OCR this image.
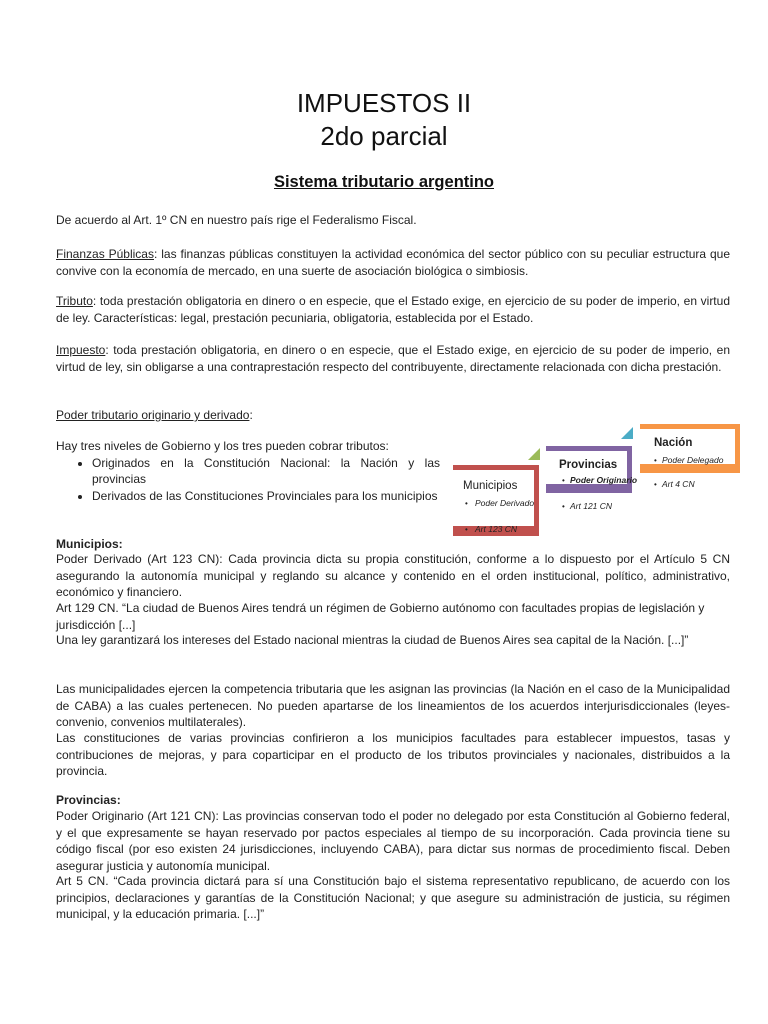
IMPUESTOS II
2do parcial
Sistema tributario argentino

De acuerdo al Art. 1º CN en nuestro país rige el Federalismo Fiscal.

Finanzas Públicas: las finanzas públicas constituyen la actividad económica del sector público con su peculiar estructura que convive con la economía de mercado, en una suerte de asociación biológica o simbiosis.

Tributo: toda prestación obligatoria en dinero o en especie, que el Estado exige, en ejercicio de su poder de imperio, en virtud de ley. Características: legal, prestación pecuniaria, obligatoria, establecida por el Estado.

Impuesto: toda prestación obligatoria, en dinero o en especie, que el Estado exige, en ejercicio de su poder de imperio, en virtud de ley, sin obligarse a una contraprestación respecto del contribuyente, directamente relacionada con dicha prestación.

Poder tributario originario y derivado:

Hay tres niveles de Gobierno y los tres pueden cobrar tributos:
• Originados en la Constitución Nacional: la Nación y las provincias
• Derivados de las Constituciones Provinciales para los municipios
Municipios
• Poder Derivado
• Art 123 CN
Provincias
• Poder Originario
• Art 121 CN
Nación
• Poder Delegado
• Art 4 CN
Municipios:

Poder Derivado (Art 123 CN): Cada provincia dicta su propia constitución, conforme a lo dispuesto por el Artículo 5 CN asegurando la autonomía municipal y reglando su alcance y contenido en el orden institucional, político, administrativo, económico y financiero.

Art 129 CN. “La ciudad de Buenos Aires tendrá un régimen de Gobierno autónomo con facultades propias de legislación y jurisdicción [...]

Una ley garantizará los intereses del Estado nacional mientras la ciudad de Buenos Aires sea capital de la Nación. [...]”

Las municipalidades ejercen la competencia tributaria que les asignan las provincias (la Nación en el caso de la Municipalidad de CABA) a las cuales pertenecen. No pueden apartarse de los lineamientos de los acuerdos interjurisdiccionales (leyes-convenio, convenios multilaterales).

Las constituciones de varias provincias confirieron a los municipios facultades para establecer impuestos, tasas y contribuciones de mejoras, y para coparticipar en el producto de los tributos provinciales y nacionales, distribuidos a la provincia.

Provincias:

Poder Originario (Art 121 CN): Las provincias conservan todo el poder no delegado por esta Constitución al Gobierno federal, y el que expresamente se hayan reservado por pactos especiales al tiempo de su incorporación. Cada provincia tiene su código fiscal (por eso existen 24 jurisdicciones, incluyendo CABA), para dictar sus normas de procedimiento fiscal. Deben asegurar justicia y autonomía municipal.

Art 5 CN. “Cada provincia dictará para sí una Constitución bajo el sistema representativo republicano, de acuerdo con los principios, declaraciones y garantías de la Constitución Nacional; y que asegure su administración de justicia, su régimen municipal, y la educación primaria. [...]”
